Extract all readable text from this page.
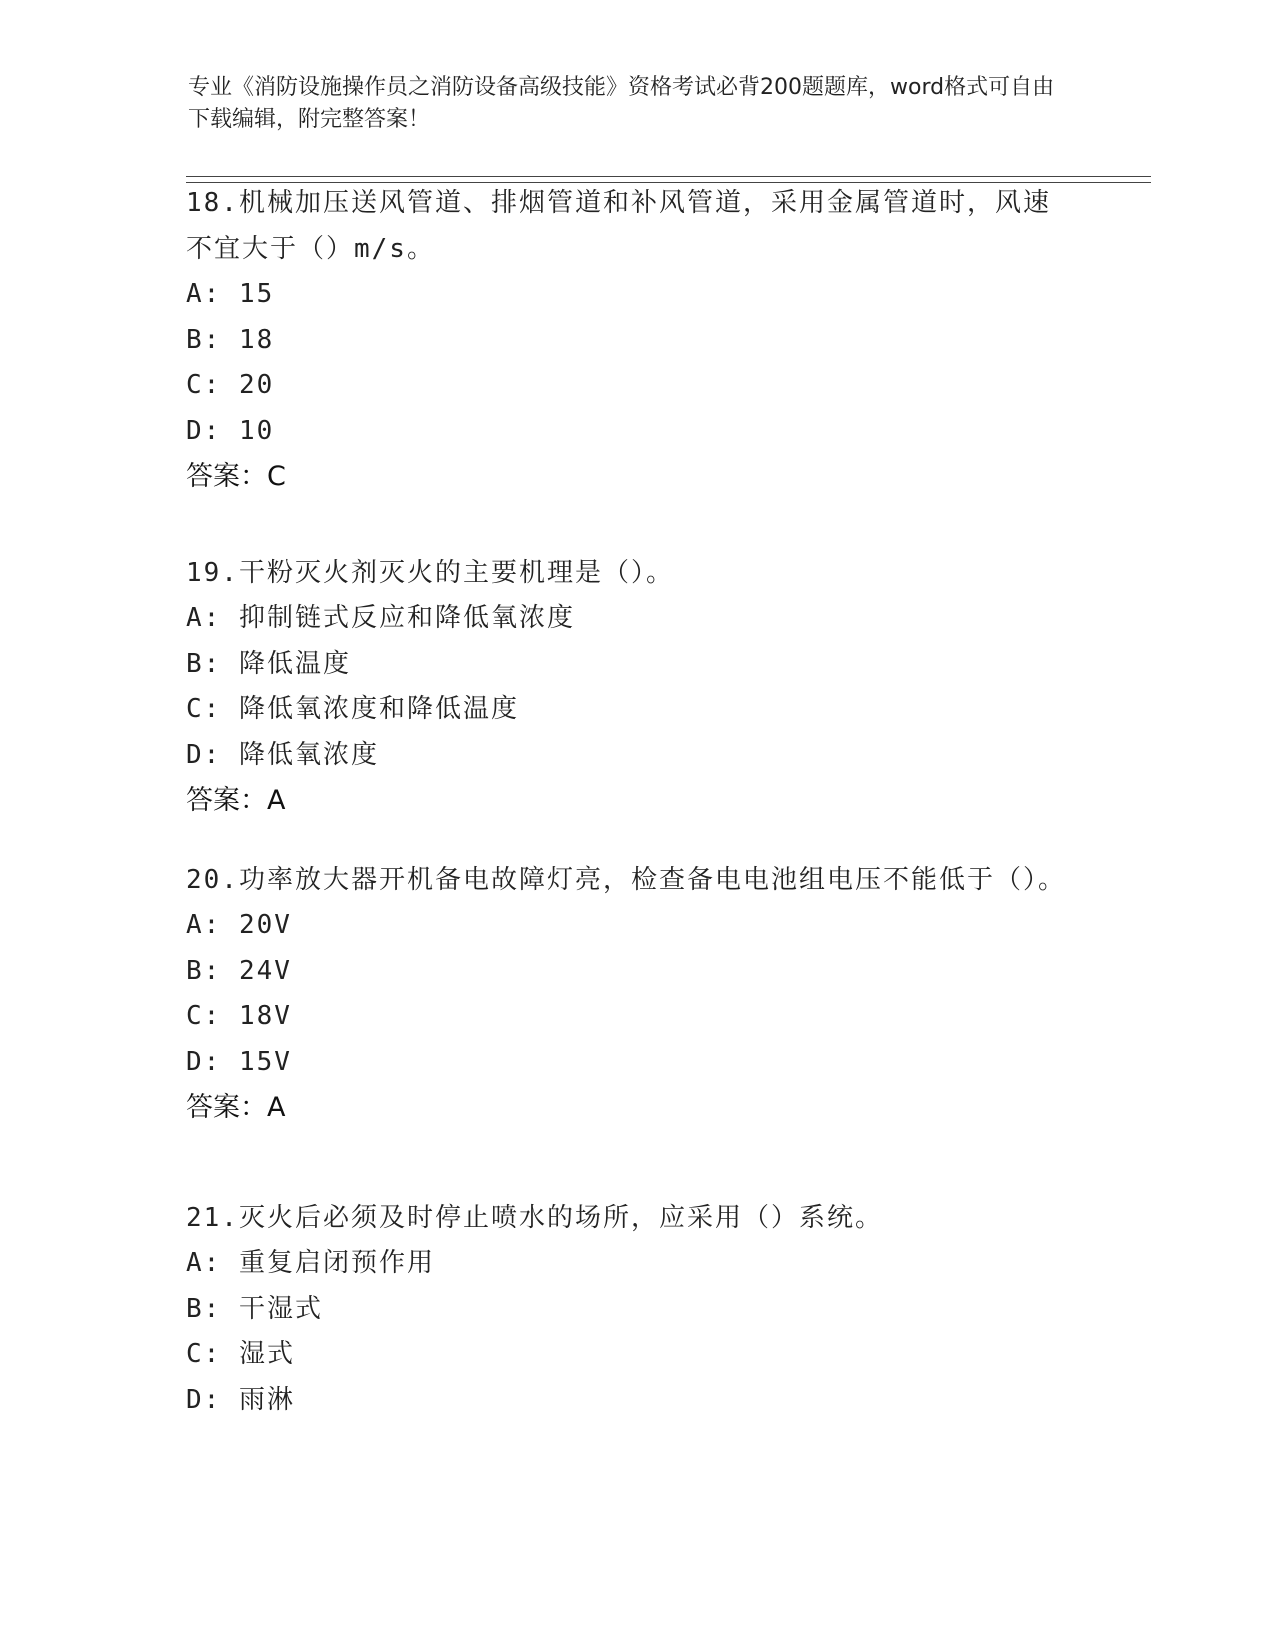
专业《消防设施操作员之消防设备高级技能》资格考试必背200题题库，word格式可自由下载编辑，附完整答案！

18.机械加压送风管道、排烟管道和补风管道，采用金属管道时，风速不宜大于（）m/s。

A: 15
B: 18
C: 20
D: 10
答案：C

19.干粉灭火剂灭火的主要机理是（）。

A: 抑制链式反应和降低氧浓度
B: 降低温度
C: 降低氧浓度和降低温度
D: 降低氧浓度
答案：A

20.功率放大器开机备电故障灯亮，检查备电电池组电压不能低于（）。

A: 20V
B: 24V
C: 18V
D: 15V
答案：A

21.灭火后必须及时停止喷水的场所，应采用（）系统。

A: 重复启闭预作用
B: 干湿式
C: 湿式
D: 雨淋
